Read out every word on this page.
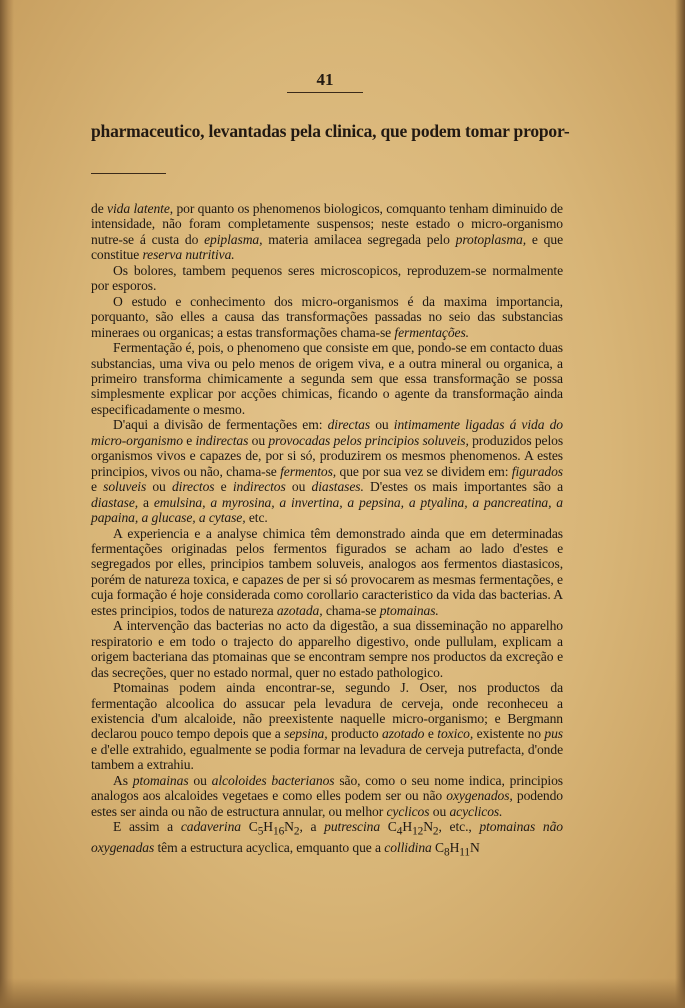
41
pharmaceutico, levantadas pela clinica, que podem tomar propor-

de vida latente, por quanto os phenomenos biologicos, comquanto tenham diminuido de intensidade, não foram completamente suspensos; neste estado o micro-organismo nutre-se á custa do epiplasma, materia amilacea segregada pelo protoplasma, e que constitue reserva nutritiva.

Os bolores, tambem pequenos seres microscopicos, reproduzem-se normalmente por esporos.

O estudo e conhecimento dos micro-organismos é da maxima importancia, porquanto, são elles a causa das transformações passadas no seio das substancias mineraes ou organicas; a estas transformações chama-se fermentações.

Fermentação é, pois, o phenomeno que consiste em que, pondo-se em contacto duas substancias, uma viva ou pelo menos de origem viva, e a outra mineral ou organica, a primeiro transforma chimicamente a segunda sem que essa transformação se possa simplesmente explicar por acções chimicas, ficando o agente da transformação ainda especificadamente o mesmo.

D'aqui a divisão de fermentações em: directas ou intimamente ligadas á vida do micro-organismo e indirectas ou provocadas pelos principios soluveis, produzidos pelos organismos vivos e capazes de, por si só, produzirem os mesmos phenomenos. A estes principios, vivos ou não, chama-se fermentos, que por sua vez se dividem em: figurados e soluveis ou directos e indirectos ou diastases. D'estes os mais importantes são a diastase, a emulsina, a myrosina, a invertina, a pepsina, a ptyalina, a pancreatina, a papaina, a glucase, a cytase, etc.

A experiencia e a analyse chimica têm demonstrado ainda que em determinadas fermentações originadas pelos fermentos figurados se acham ao lado d'estes e segregados por elles, principios tambem soluveis, analogos aos fermentos diastasicos, porém de natureza toxica, e capazes de per si só provocarem as mesmas fermentações, e cuja formação é hoje considerada como corollario caracteristico da vida das bacterias. A estes principios, todos de natureza azotada, chama-se ptomainas.

A intervenção das bacterias no acto da digestão, a sua disseminação no apparelho respiratorio e em todo o trajecto do apparelho digestivo, onde pullulam, explicam a origem bacteriana das ptomainas que se encontram sempre nos productos da excreção e das secreções, quer no estado normal, quer no estado pathologico.

Ptomainas podem ainda encontrar-se, segundo J. Oser, nos productos da fermentação alcoolica do assucar pela levadura de cerveja, onde reconheceu a existencia d'um alcaloide, não preexistente naquelle micro-organismo; e Bergmann declarou pouco tempo depois que a sepsina, producto azotado e toxico, existente no pus e d'elle extrahido, egualmente se podia formar na levadura de cerveja putrefacta, d'onde tambem a extrahiu.

As ptomainas ou alcoloides bacterianos são, como o seu nome indica, principios analogos aos alcaloides vegetaes e como elles podem ser ou não oxygenados, podendo estes ser ainda ou não de estructura annular, ou melhor cyclicos ou acyclicos.

E assim a cadaverina $C_5H_{16}N_2$, a putrescina $C_4H_{12}N_2$, etc., ptomainas não oxygenadas têm a estructura acyclica, emquanto que a collidina $C_8H_{11}N$
